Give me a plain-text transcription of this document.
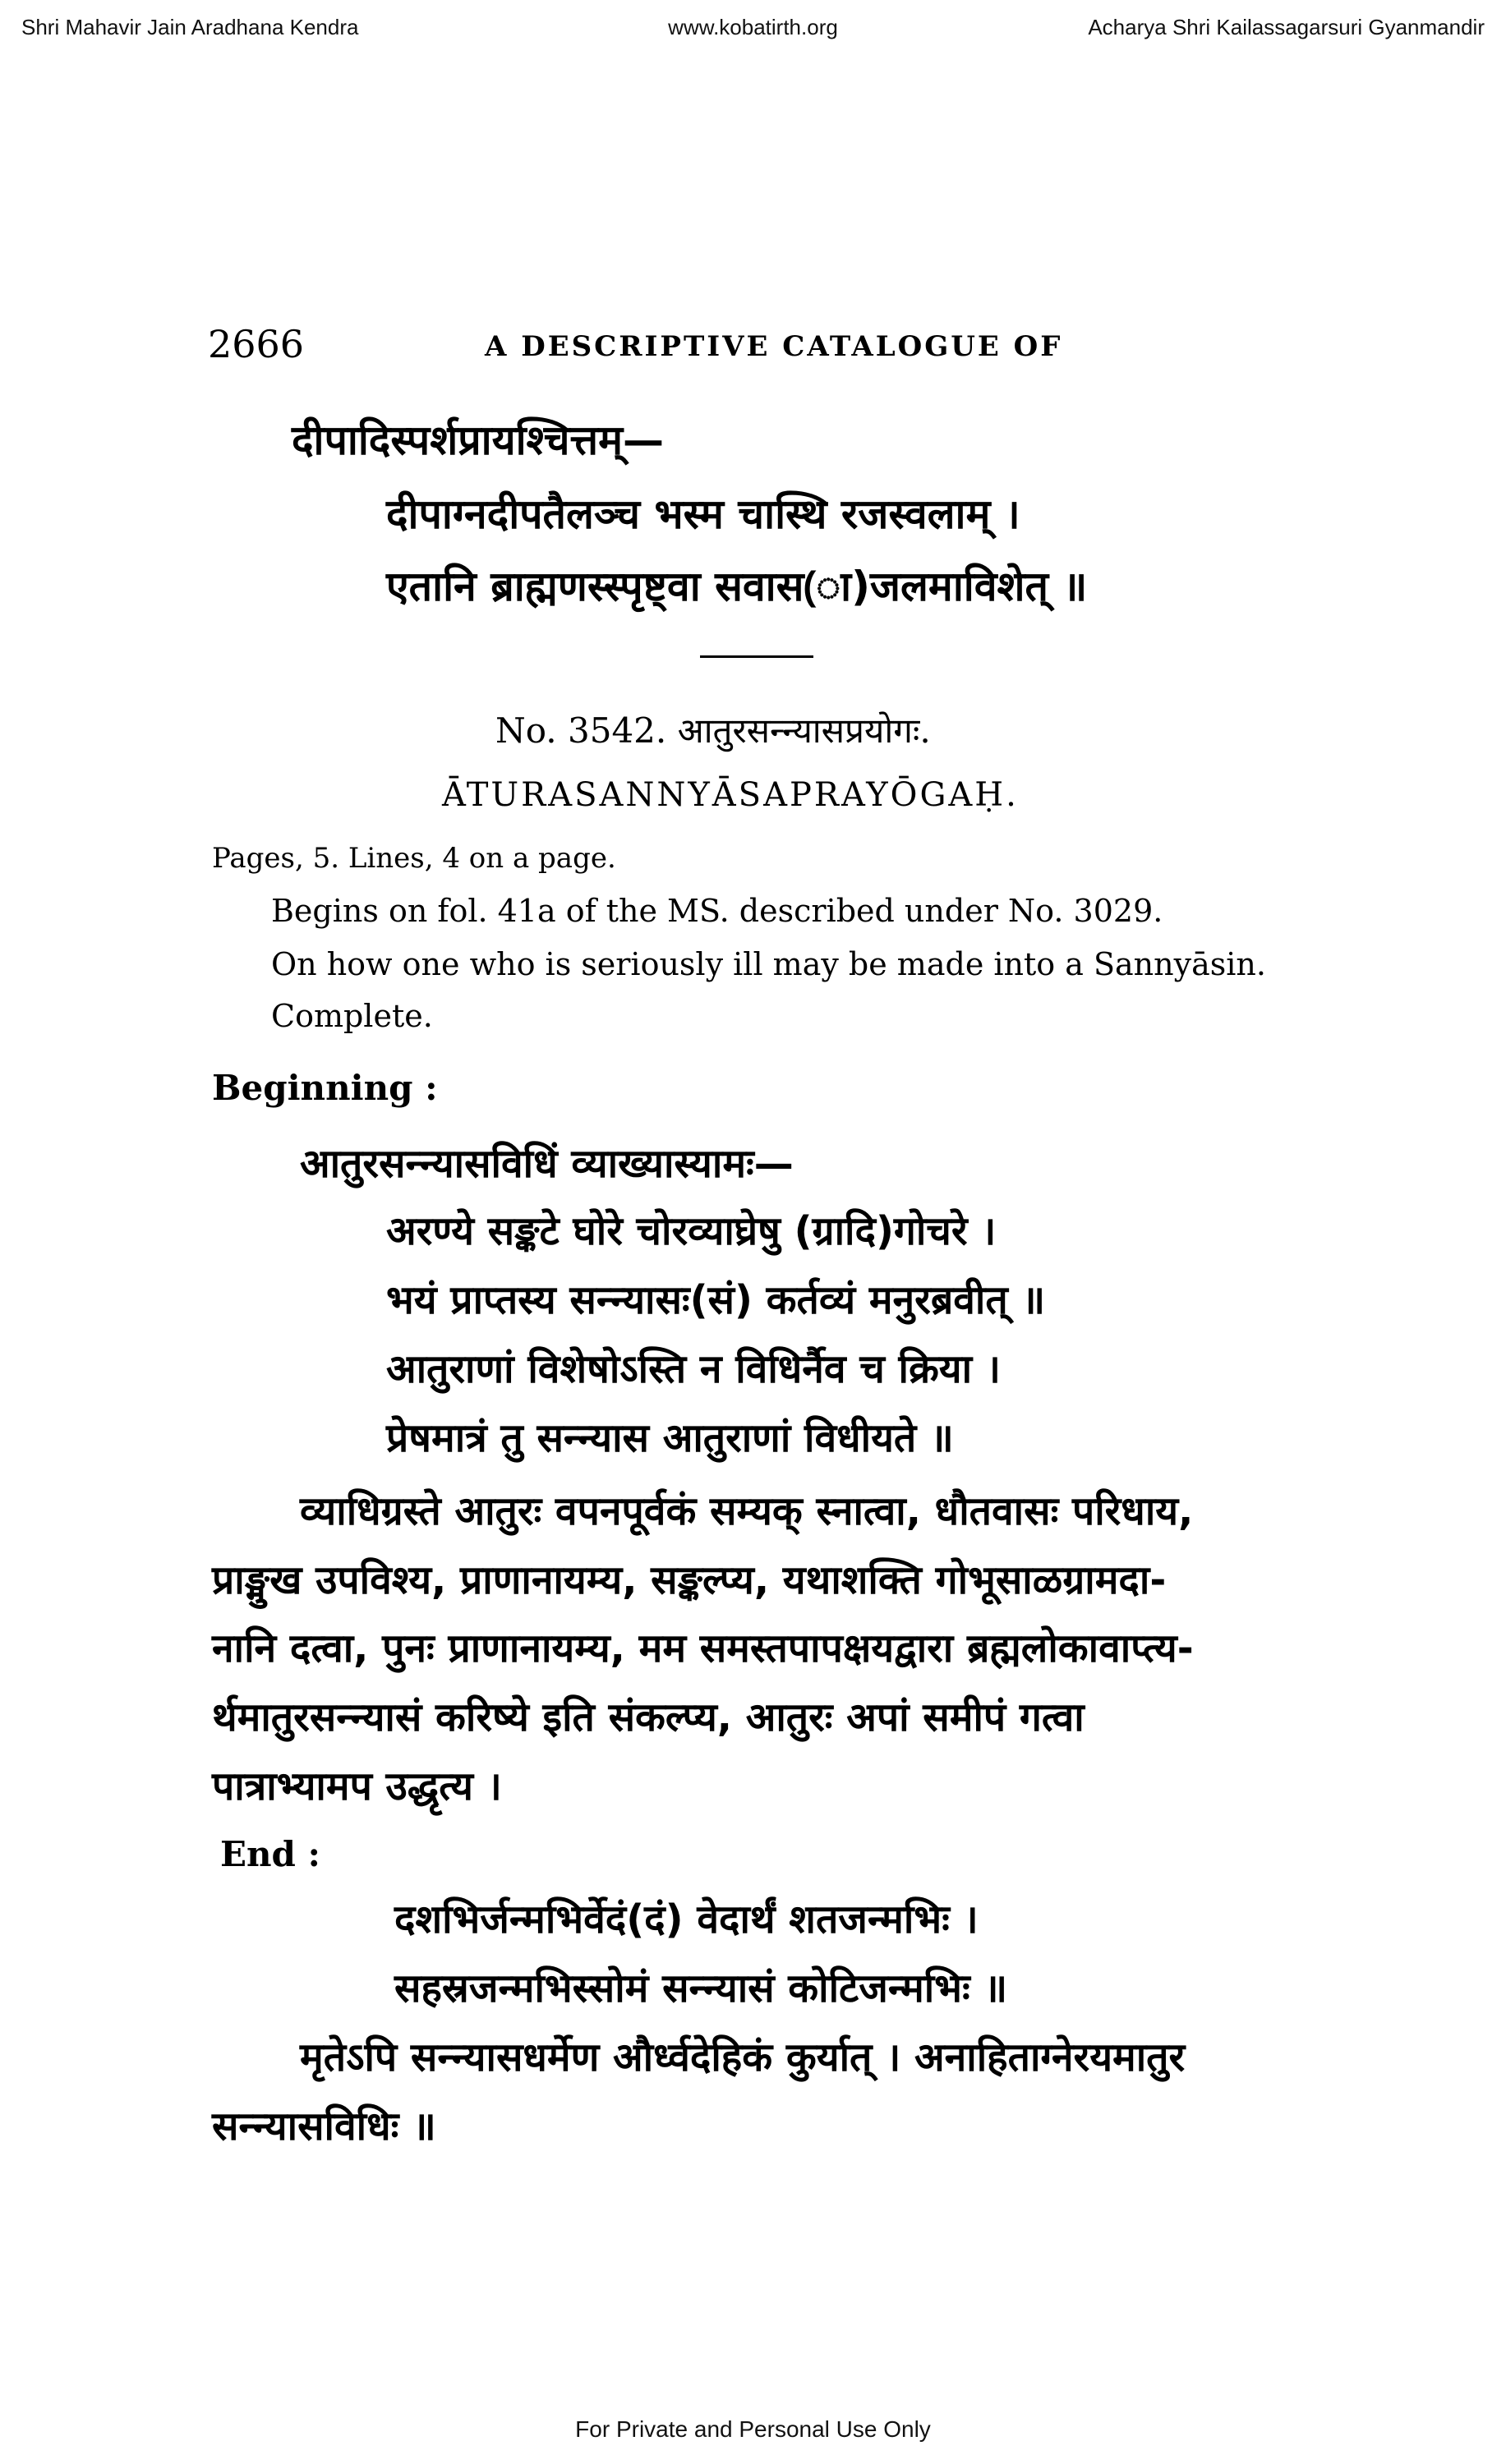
Shri Mahavir Jain Aradhana Kendra	www.kobatirth.org	Acharya Shri Kailassagarsuri Gyanmandir
2666	A DESCRIPTIVE CATALOGUE OF
दीपादिस्पर्शप्रायश्चित्तम्—
दीपाग्नदीपतैलञ्च भस्म चास्थि रजस्वलाम् ।
एतानि ब्राह्मणस्स्पृष्ट्वा सवास(ा)जलमाविशेत् ॥
No. 3542. आतुरसन्न्यासप्रयोगः.
ĀTURASANNYĀSAPRAYŌGAḤ.
Pages, 5. Lines, 4 on a page.
Begins on fol. 41a of the MS. described under No. 3029.
On how one who is seriously ill may be made into a Sannyāsin.
Complete.
Beginning :
आतुरसन्न्यासविधिं व्याख्यास्यामः—
अरण्ये सङ्कटे घोरे चोरव्याघ्रेषु (ग्रादि)गोचरे ।
भयं प्राप्तस्य सन्न्यासः(सं) कर्तव्यं मनुरब्रवीत् ॥
आतुराणां विशेषोऽस्ति न विधिर्नैव च क्रिया ।
प्रेषमात्रं तु सन्न्यास आतुराणां विधीयते ॥
व्याधिग्रस्ते आतुरः वपनपूर्वकं सम्यक् स्नात्वा, धौतवासः परिधाय,
प्राङ्मुख उपविश्य, प्राणानायम्य, सङ्कल्प्य, यथाशक्ति गोभूसाळग्रामदा-
नानि दत्वा, पुनः प्राणानायम्य, मम समस्तपापक्षयद्वारा ब्रह्मलोकावाप्त्य-
र्थमातुरसन्न्यासं करिष्ये इति संकल्प्य, आतुरः अपां समीपं गत्वा
पात्राभ्यामप उद्धृत्य ।
End :
दशभिर्जन्मभिर्वेदं(दं) वेदार्थं शतजन्मभिः ।
सहस्रजन्मभिस्सोमं सन्न्यासं कोटिजन्मभिः ॥
मृतेऽपि सन्न्यासधर्मेण और्ध्वदेहिकं कुर्यात् । अनाहिताग्नेरयमातुर
सन्न्यासविधिः ॥
For Private and Personal Use Only
